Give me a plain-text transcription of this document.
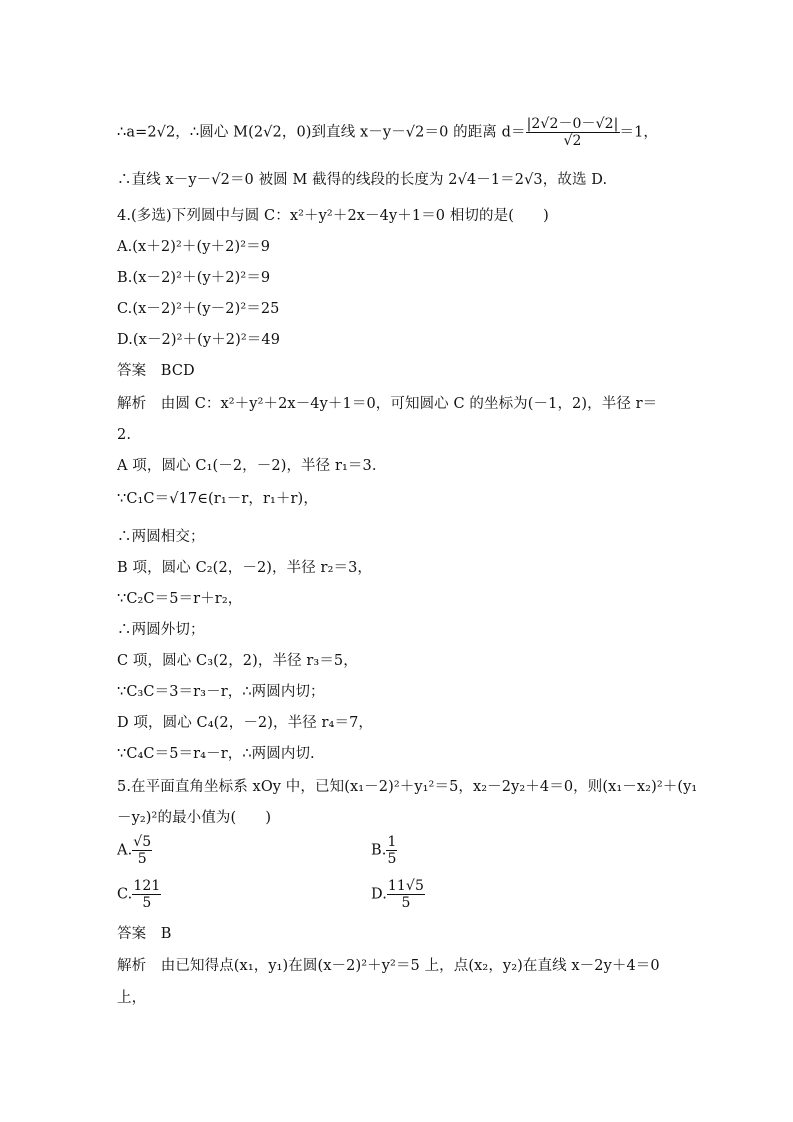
∴a=2√2，∴圆心 M(2√2，0)到直线 x－y－√2＝0 的距离 $d= \frac{|2√2-0-√2|}{√2} =1$，
∴直线 x－y－√2＝0 被圆 M 截得的线段的长度为 2√4－1＝2√3，故选 D.
4.(多选)下列圆中与圆 C：x²＋y²＋2x－4y＋1＝0 相切的是(　　)
A.(x＋2)²＋(y＋2)²＝9
B.(x－2)²＋(y＋2)²＝9
C.(x－2)²＋(y－2)²＝25
D.(x－2)²＋(y＋2)²＝49
答案　BCD
解析　由圆 C：x²＋y²＋2x－4y＋1＝0，可知圆心 C 的坐标为(－1，2)，半径 r＝
2.
A 项，圆心 C₁(－2，－2)，半径 r₁＝3.
∵C₁C＝√17∈(r₁－r，r₁＋r)，
∴两圆相交；
B 项，圆心 C₂(2，－2)，半径 r₂＝3，
∵C₂C＝5＝r＋r₂，
∴两圆外切；
C 项，圆心 C₃(2，2)，半径 r₃＝5，
∵C₃C＝3＝r₃－r，∴两圆内切；
D 项，圆心 C₄(2，－2)，半径 r₄＝7，
∵C₄C＝5＝r₄－r，∴两圆内切.
5.在平面直角坐标系 xOy 中，已知(x₁－2)²＋y₁²＝5，x₂－2y₂＋4＝0，则(x₁－x₂)²＋(y₁
－y₂)²的最小值为(　　)
A. $\frac{√5}{5}$	B. $\frac{1}{5}$
C. $\frac{121}{5}$	D. $\frac{11√5}{5}$
答案　B
解析　由已知得点(x₁，y₁)在圆(x－2)²＋y²＝5 上，点(x₂，y₂)在直线 x－2y＋4＝0
上，
